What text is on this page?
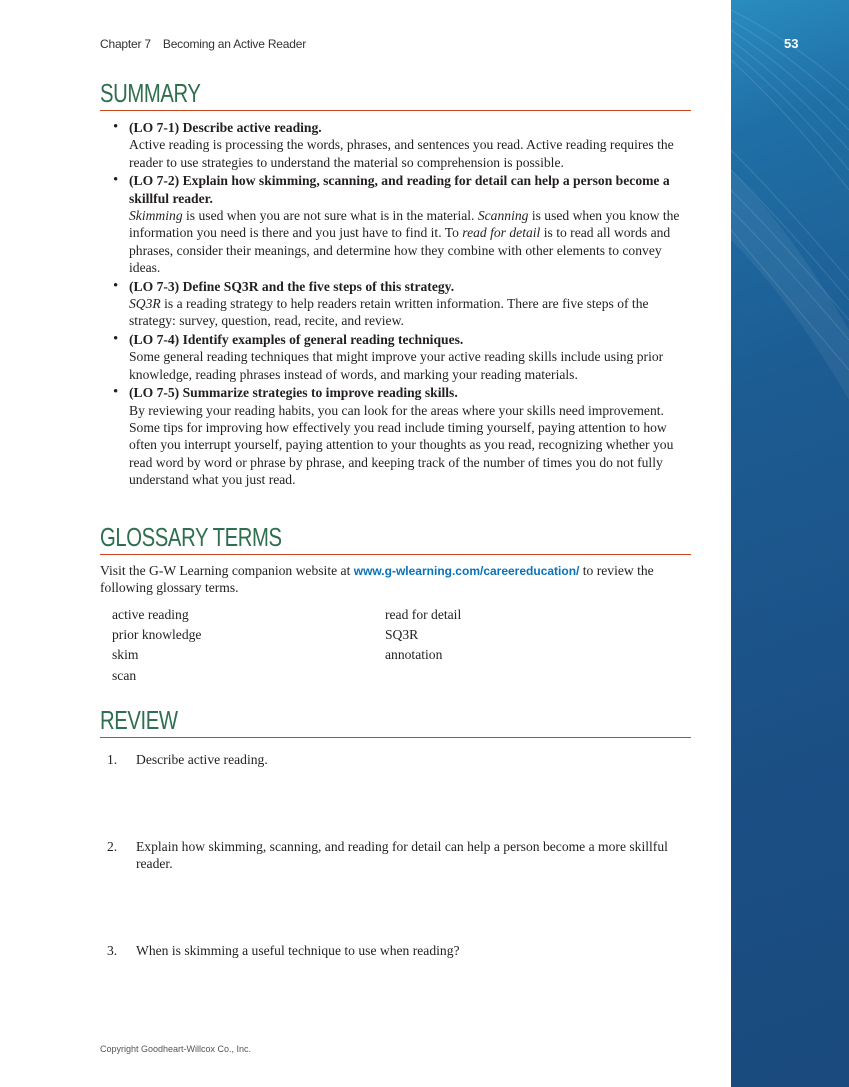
53
Chapter 7 Becoming an Active Reader
SUMMARY
• (LO 7-1) Describe active reading.
Active reading is processing the words, phrases, and sentences you read. Active reading requires the reader to use strategies to understand the material so comprehension is possible.
• (LO 7-2) Explain how skimming, scanning, and reading for detail can help a person become a skillful reader.
Skimming is used when you are not sure what is in the material. Scanning is used when you know the information you need is there and you just have to find it. To read for detail is to read all words and phrases, consider their meanings, and determine how they combine with other elements to convey ideas.
• (LO 7-3) Define SQ3R and the five steps of this strategy.
SQ3R is a reading strategy to help readers retain written information. There are five steps of the strategy: survey, question, read, recite, and review.
• (LO 7-4) Identify examples of general reading techniques.
Some general reading techniques that might improve your active reading skills include using prior knowledge, reading phrases instead of words, and marking your reading materials.
• (LO 7-5) Summarize strategies to improve reading skills.
By reviewing your reading habits, you can look for the areas where your skills need improvement. Some tips for improving how effectively you read include timing yourself, paying attention to how often you interrupt yourself, paying attention to your thoughts as you read, recognizing whether you read word by word or phrase by phrase, and keeping track of the number of times you do not fully understand what you just read.
GLOSSARY TERMS
Visit the G-W Learning companion website at www.g-wlearning.com/careereducation/ to review the following glossary terms.
active reading
prior knowledge
skim
scan
read for detail
SQ3R
annotation
REVIEW
1. Describe active reading.
2. Explain how skimming, scanning, and reading for detail can help a person become a more skillful reader.
3. When is skimming a useful technique to use when reading?
Copyright Goodheart-Willcox Co., Inc.
